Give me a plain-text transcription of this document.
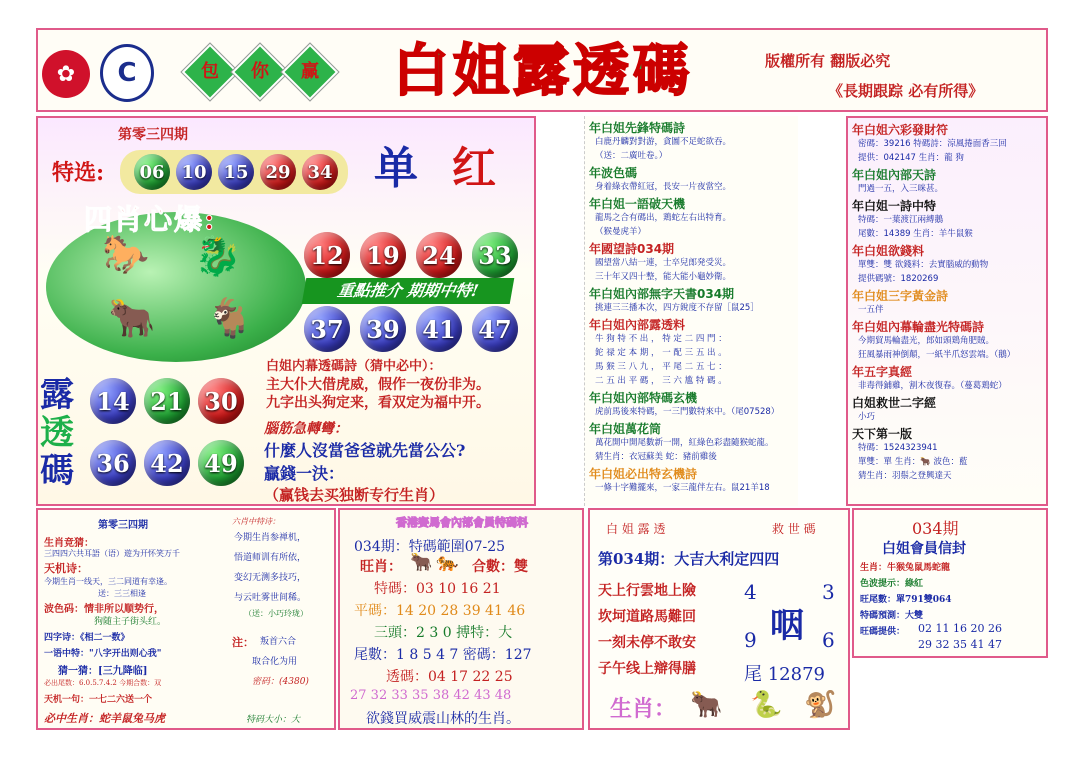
✿	C	包	你	赢	白姐露透碼	版權所有 翻版必究
《長期跟踪 必有所得》
第零三四期
特选:	06 10 15 29 34 单 红
四肖心爆:
🐎 🐉
🐂 🐐
12 19 24 33
重點推介 期期中特!
37 39 41 47
露
透
碼
14 21 30
36 42 49
白姐内幕透碼詩（猜中必中）：
主大仆大借虎威，假作一夜份非为。
九字出头狗定来，看双定为福中开。
腦筋急轉彎：
什麼人沒當爸爸就先當公公?
贏錢一決：
（赢钱去买独断专行生肖）
年白姐先鋒特碼詩
白鹿丹麟對對游，貪圖不足蛇欲吞。
（送：二廣吐卷。）
年波色碼
身着綠衣帶紅冠，長安一片夜當空。
年白姐一語破天機
龍馬之合有碼出，鶏蛇左右出特育。
（猴曼虎羊）
年國望詩034期
國望當八結一連，士卒兒郎発受災。
三十年又四十整，能大能小龜妙衛。
年白姐內部無字天書034期
挑連三三播本次，四方銳度不存留［鼠25］
年白姐內部露透料
牛 狗 特 不 出 ， 特 定 二 四 門 ：
鉈 禄 定 本 期 ， 一 配 三 五 出 。
馬 猴 三 八 九 ， 平 尾 二 五 七 ：
二 五 出 平 碼 ， 三 六 尴 特 碼 。
年白姐內部特碼玄機
虎前馬後來特碼，一三門數特來中。（尾07528）
年白姐萬花筒
萬花開中開尾數新一開，紅綠色彩盡隨猴蛇龍。
猜生肖：衣冠蘇美 蛇：豬前雞後
年白姐必出特玄機詩
一條十字難擺來，一家三龍伴左右。鼠21羊18
年白姐六彩發財符
密碼：39216 特碼詩：涼風捲面香三回
提供：042147 生肖：龍 狗
年白姐內部天詩
門過一五，入三咪甚。
年白姐一詩中特
特碼：一葉渡江兩縛鵝
尾數：14389 生肖：羊牛鼠猴
年白姐欲錢料
單雙：雙 欲錢料：去實腦威的動物
提供碼號：1820269
年白姐三字黃金詩
一五伴
年白姐內幕輪盡光特碼詩
今期貿馬輪盡光，郎如頭鶏角肥賊。
狂風暴雨神倒顛，一紙半爪怒雲端。（鵝）
年五字真經
非毒得鋪雞，割木夜復春。（蔓葛鶏蛇）
白姐救世二字經
小巧
天下第一版
特碼：1524323941
單雙：單 生肖：🐂 波色：藍
猜生肖：羽鬃之登興達天
第零三四期
生肖竞猜：
三四四六共耳語（语）遊为开怀笑万千
天机诗：
今期生肖一线天，三二同道有幸逢。
送：三三相逢
波色码：情非所以顺势行，
狗随主子街头红。
四字诗：《相二一数》
一语中特："八字开出则心我"
猜一猜：[三九降临]
必出尾数：6.0.5.7.4.2 今期合数：双
天机一句：一七二六送一个
必中生肖：蛇羊鼠兔马虎
六肖中特诗：
今期生肖参禅机，
悟道师训有所依，
变幻无测多技巧，
与云吐雾世间稀。
（送：小巧玲珑）
注： 叛首六合
取合化为用
密码：(4380)
特码大小：大
香港賽馬會內部會員特碼料
034期：特碼範圍07-25
旺肖： 🐂 🐅 合數：雙
特碼：03 10 16 21
平碼：14 20 28 39 41 46
三頭：2 3 0 搏特：大
尾數：1 8 5 4 7 密碼：127
透碼：04 17 22 25
27 32 33 35 38 42 43 48
欲錢買威震山林的生肖。
白 姐 露 透	救 世 碼
第034期：大吉大利定四四
天上行雲地上險
坎坷道路馬難回
一刻未停不敢安
子午线上辯得膳
4	3
咽
9	6
尾 12879
生肖： 🐂 🐍 🐒
034期
白姐會員信封
生肖：牛猴兔鼠馬蛇龍
色波提示：綠紅
旺尾數：單791雙064
特碼預測：大雙
旺碼提供： 02 11 16 20 26
29 32 35 41 47
